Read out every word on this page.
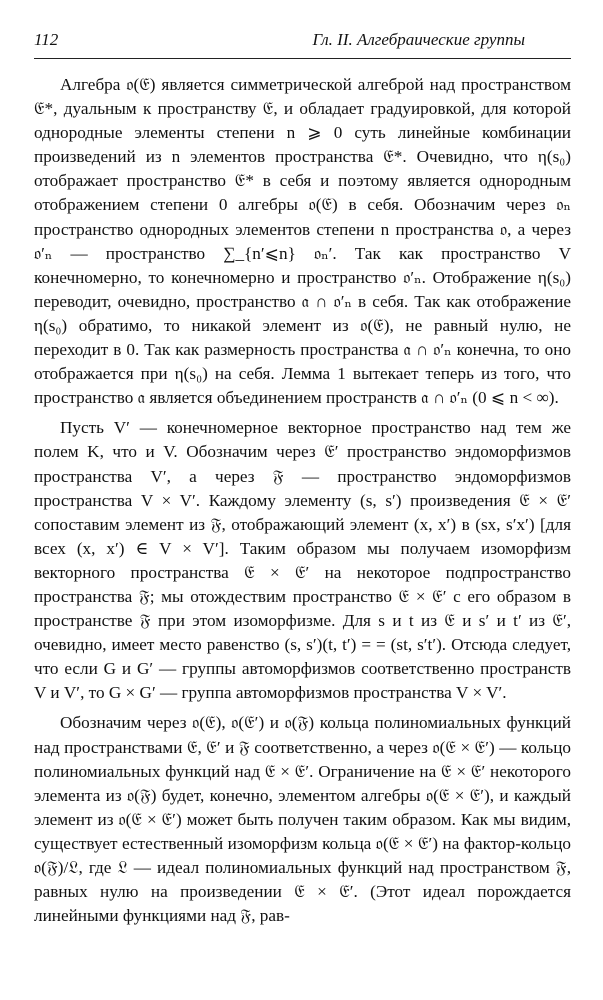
112	Гл. II. Алгебраические группы

Алгебра 𝔬(𝔈) является симметрической алгеброй над пространством 𝔈*, дуальным к пространству 𝔈, и обладает градуировкой, для которой однородные элементы степени n ⩾ 0 суть линейные комбинации произведений из n элементов пространства 𝔈*. Очевидно, что η(s₀) отображает пространство 𝔈* в себя и поэтому является однородным отображением степени 0 алгебры 𝔬(𝔈) в себя. Обозначим через 𝔬ₙ пространство однородных элементов степени n пространства 𝔬, а через 𝔬′ₙ — пространство ∑_{n′⩽n} 𝔬ₙ′. Так как пространство V конечномерно, то конечномерно и пространство 𝔬′ₙ. Отображение η(s₀) переводит, очевидно, пространство 𝔞 ∩ 𝔬′ₙ в себя. Так как отображение η(s₀) обратимо, то никакой элемент из 𝔬(𝔈), не равный нулю, не переходит в 0. Так как размерность пространства 𝔞 ∩ 𝔬′ₙ конечна, то оно отображается при η(s₀) на себя. Лемма 1 вытекает теперь из того, что пространство 𝔞 является объединением пространств 𝔞 ∩ 𝔬′ₙ (0 ⩽ n < ∞).

Пусть V′ — конечномерное векторное пространство над тем же полем K, что и V. Обозначим через 𝔈′ пространство эндоморфизмов пространства V′, а через 𝔉 — пространство эндоморфизмов пространства V × V′. Каждому элементу (s, s′) произведения 𝔈 × 𝔈′ сопоставим элемент из 𝔉, отображающий элемент (x, x′) в (sx, s′x′) [для всех (x, x′) ∈ V × V′]. Таким образом мы получаем изоморфизм векторного пространства 𝔈 × 𝔈′ на некоторое подпространство пространства 𝔉; мы отождествим пространство 𝔈 × 𝔈′ с его образом в пространстве 𝔉 при этом изоморфизме. Для s и t из 𝔈 и s′ и t′ из 𝔈′, очевидно, имеет место равенство (s, s′)(t, t′) = = (st, s′t′). Отсюда следует, что если G и G′ — группы автоморфизмов соответственно пространств V и V′, то G × G′ — группа автоморфизмов пространства V × V′.

Обозначим через 𝔬(𝔈), 𝔬(𝔈′) и 𝔬(𝔉) кольца полиномиальных функций над пространствами 𝔈, 𝔈′ и 𝔉 соответственно, а через 𝔬(𝔈 × 𝔈′) — кольцо полиномиальных функций над 𝔈 × 𝔈′. Ограничение на 𝔈 × 𝔈′ некоторого элемента из 𝔬(𝔉) будет, конечно, элементом алгебры 𝔬(𝔈 × 𝔈′), и каждый элемент из 𝔬(𝔈 × 𝔈′) может быть получен таким образом. Как мы видим, существует естественный изоморфизм кольца 𝔬(𝔈 × 𝔈′) на фактор-кольцо 𝔬(𝔉)/𝔏, где 𝔏 — идеал полиномиальных функций над пространством 𝔉, равных нулю на произведении 𝔈 × 𝔈′. (Этот идеал порождается линейными функциями над 𝔉, рав-
